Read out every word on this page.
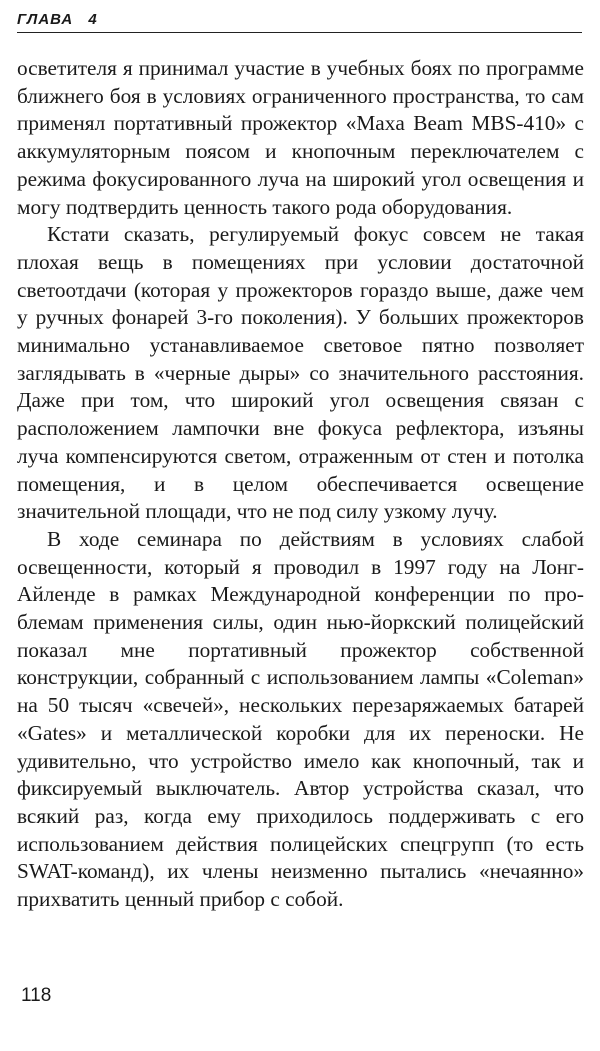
ГЛАВА 4

осветителя я принимал участие в учебных боях по программе ближнего боя в условиях ограниченного пространства, то сам применял портативный прожектор «Maxa Beam MBS-410» с аккумуляторным поясом и кнопочным переключателем с режима фокусированного луча на широкий угол освещения и могу подтвердить ценность такого рода оборудования.

Кстати сказать, регулируемый фокус совсем не такая плохая вещь в помещениях при условии достаточной светоотдачи (которая у прожекторов гораздо выше, даже чем у ручных фонарей 3-го поколения). У больших прожекторов минимально устанавливаемое световое пятно позволяет заглядывать в «черные дыры» со значительного расстояния. Даже при том, что широкий угол освещения связан с расположением лампочки вне фокуса рефлектора, изъяны луча компенсируются светом, отраженным от стен и потолка помещения, и в целом обеспечивается освещение значительной площади, что не под силу узкому лучу.

В ходе семинара по действиям в условиях слабой освещенности, который я проводил в 1997 году на Лонг-Айленде в рамках Международной конференции по проблемам применения силы, один нью-йоркский полицейский показал мне портативный прожектор собственной конструкции, собранный с использованием лампы «Coleman» на 50 тысяч «свечей», нескольких перезаряжаемых батарей «Gates» и металлической коробки для их переноски. Не удивительно, что устройство имело как кнопочный, так и фиксируемый выключатель. Автор устройства сказал, что всякий раз, когда ему приходилось поддерживать с его использованием действия полицейских спецгрупп (то есть SWAT-команд), их члены неизменно пытались «нечаянно» прихватить ценный прибор с собой.

118
